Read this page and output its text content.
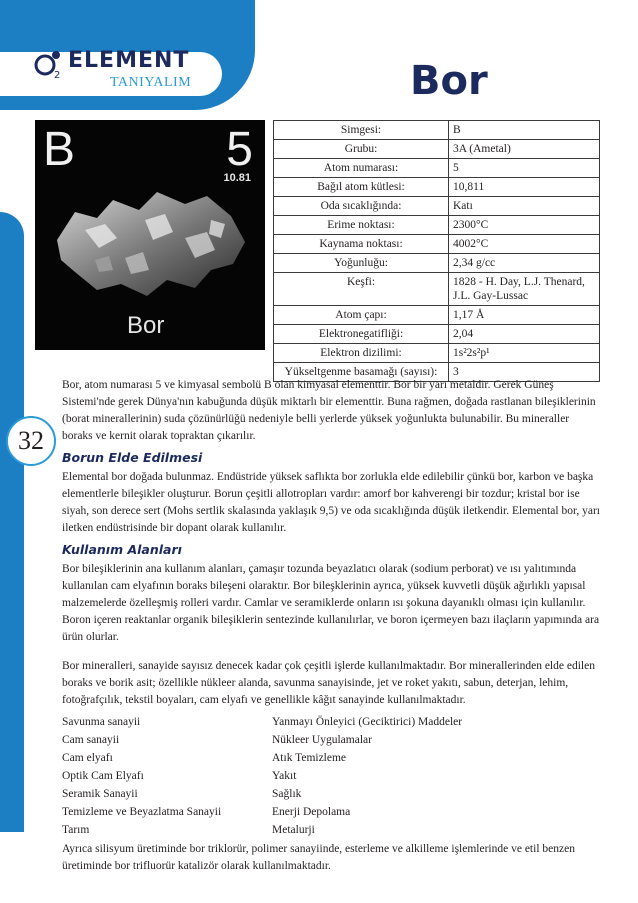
2
ELEMENT
TANIYALIM	Bor
32
B	5
10.81
Bor
Simgesi:	B
Grubu:	3A (Ametal)
Atom numarası:	5
Bağıl atom kütlesi:	10,811
Oda sıcaklığında:	Katı
Erime noktası:	2300°C
Kaynama noktası:	4002°C
Yoğunluğu:	2,34 g/cc
Keşfi:	1828 - H. Day, L.J. Thenard, J.L. Gay-Lussac
Atom çapı:	1,17 Å
Elektronegatifliği:	2,04
Elektron dizilimi:	1s²2s²p¹
Yükseltgenme basamağı (sayısı):	3

Bor, atom numarası 5 ve kimyasal sembolü B olan kimyasal elementtir. Bor bir yarı metaldir. Gerek Güneş Sistemi'nde gerek Dünya'nın kabuğunda düşük miktarlı bir elementtir. Buna rağmen, doğada rastlanan bileşiklerinin (borat minerallerinin) suda çözünürlüğü nedeniyle belli yerlerde yüksek yoğunlukta bulunabilir. Bu mineraller boraks ve kernit olarak topraktan çıkarılır.

Borun Elde Edilmesi

Elemental bor doğada bulunmaz. Endüstride yüksek saflıkta bor zorlukla elde edilebilir çünkü bor, karbon ve başka elementlerle bileşikler oluşturur. Borun çeşitli allotropları vardır: amorf bor kahverengi bir tozdur; kristal bor ise siyah, son derece sert (Mohs sertlik skalasında yaklaşık 9,5) ve oda sıcaklığında düşük iletkendir. Elemental bor, yarı iletken endüstrisinde bir dopant olarak kullanılır.

Kullanım Alanları

Bor bileşiklerinin ana kullanım alanları, çamaşır tozunda beyazlatıcı olarak (sodium perborat) ve ısı yalıtımında kullanılan cam elyafının boraks bileşeni olaraktır. Bor bileşklerinin ayrıca, yüksek kuvvetli düşük ağırlıklı yapısal malzemelerde özelleşmiş rolleri vardır. Camlar ve seramiklerde onların ısı şokuna dayanıklı olması için kullanılır. Boron içeren reaktanlar organik bileşiklerin sentezinde kullanılırlar, ve boron içermeyen bazı ilaçların yapımında ara ürün olurlar.

Bor mineralleri, sanayide sayısız denecek kadar çok çeşitli işlerde kullanılmaktadır. Bor minerallerinden elde edilen boraks ve borik asit; özellikle nükleer alanda, savunma sanayisinde, jet ve roket yakıtı, sabun, deterjan, lehim, fotoğrafçılık, tekstil boyaları, cam elyafı ve genellikle kâğıt sanayinde kullanılmaktadır.

Savunma sanayii	Yanmayı Önleyici (Geciktirici) Maddeler
Cam sanayii	Nükleer Uygulamalar
Cam elyafı	Atık Temizleme
Optik Cam Elyafı	Yakıt
Seramik Sanayii	Sağlık
Temizleme ve Beyazlatma Sanayii	Enerji Depolama
Tarım	Metalurji

Ayrıca silisyum üretiminde bor triklorür, polimer sanayiinde, esterleme ve alkilleme işlemlerinde ve etil benzen üretiminde bor trifluorür katalizör olarak kullanılmaktadır.
